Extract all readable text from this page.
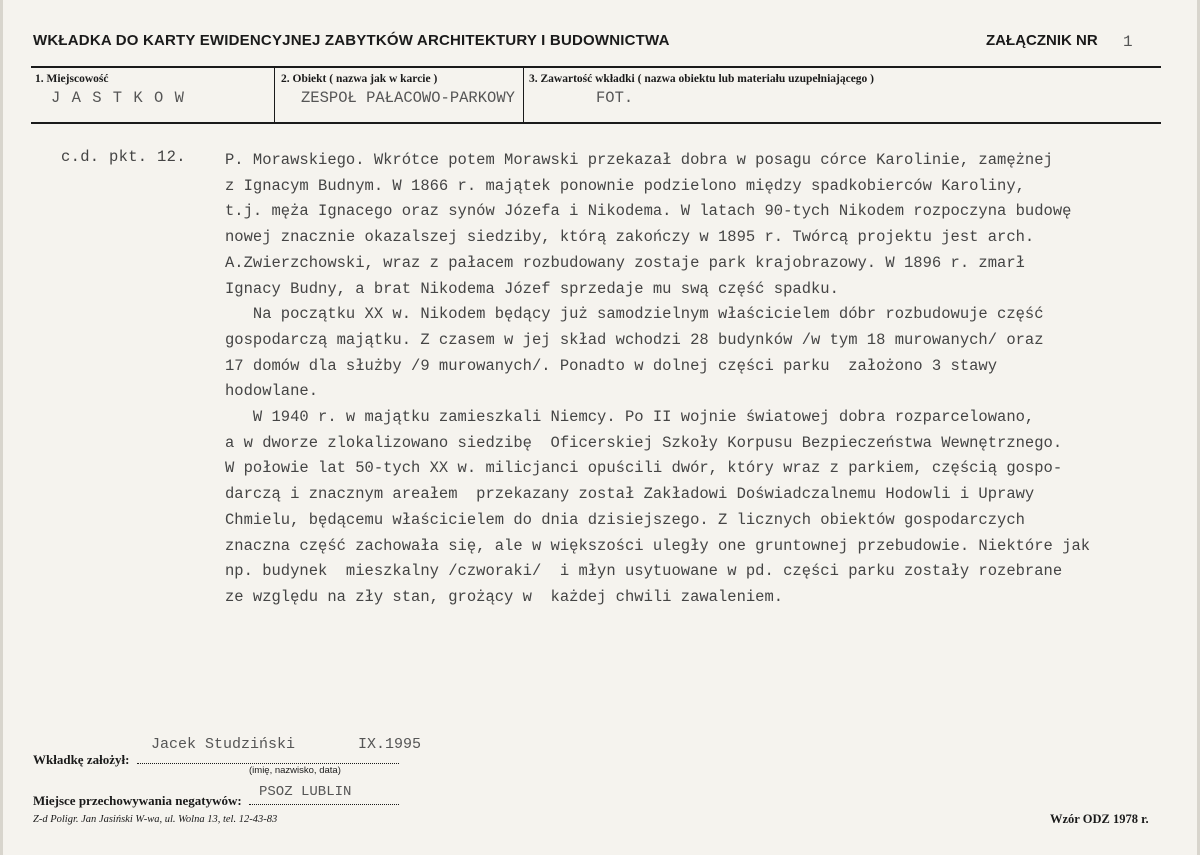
WKŁADKA DO KARTY EWIDENCYJNEJ ZABYTKÓW ARCHITEKTURY I BUDOWNICTWA	ZAŁĄCZNIK NR 1
1. Miejscowość
J A S T K O W
2. Obiekt ( nazwa jak w karcie )
ZESPOŁ PAŁACOWO-PARKOWY
3. Zawartość wkładki ( nazwa obiektu lub materiału uzupełniającego )
FOT.
c.d. pkt. 12.	P. Morawskiego. Wkrótce potem Morawski przekazał dobra w posagu córce Karolinie, zamężnej
z Ignacym Budnym. W 1866 r. majątek ponownie podzielono między spadkobierców Karoliny,
t.j. męża Ignacego oraz synów Józefa i Nikodema. W latach 90-tych Nikodem rozpoczyna budowę
nowej znacznie okazalszej siedziby, którą zakończy w 1895 r. Twórcą projektu jest arch.
A.Zwierzchowski, wraz z pałacem rozbudowany zostaje park krajobrazowy. W 1896 r. zmarł
Ignacy Budny, a brat Nikodema Józef sprzedaje mu swą część spadku.
Na początku XX w. Nikodem będący już samodzielnym właścicielem dóbr rozbudowuje część
gospodarczą majątku. Z czasem w jej skład wchodzi 28 budynków /w tym 18 murowanych/ oraz
17 domów dla służby /9 murowanych/. Ponadto w dolnej części parku  założono 3 stawy
hodowlane.
W 1940 r. w majątku zamieszkali Niemcy. Po II wojnie światowej dobra rozparcelowano,
a w dworze zlokalizowano siedzibę  Oficerskiej Szkoły Korpusu Bezpieczeństwa Wewnętrznego.
W połowie lat 50-tych XX w. milicjanci opuścili dwór, który wraz z parkiem, częścią gospo-
darczą i znacznym areałem  przekazany został Zakładowi Doświadczalnemu Hodowli i Uprawy
Chmielu, będącemu właścicielem do dnia dzisiejszego. Z licznych obiektów gospodarczych
znaczna część zachowała się, ale w większości uległy one gruntownej przebudowie. Niektóre jak
np. budynek  mieszkalny /czworaki/  i młyn usytuowane w pd. części parku zostały rozebrane
ze względu na zły stan, grożący w  każdej chwili zawaleniem.
Jacek Studziński	IX.1995
Wkładkę założył:
(imię, nazwisko, data)
PSOZ LUBLIN
Miejsce przechowywania negatywów:
Z-d Poligr. Jan Jasiński W-wa, ul. Wolna 13, tel. 12-43-83	Wzór ODZ 1978 r.
